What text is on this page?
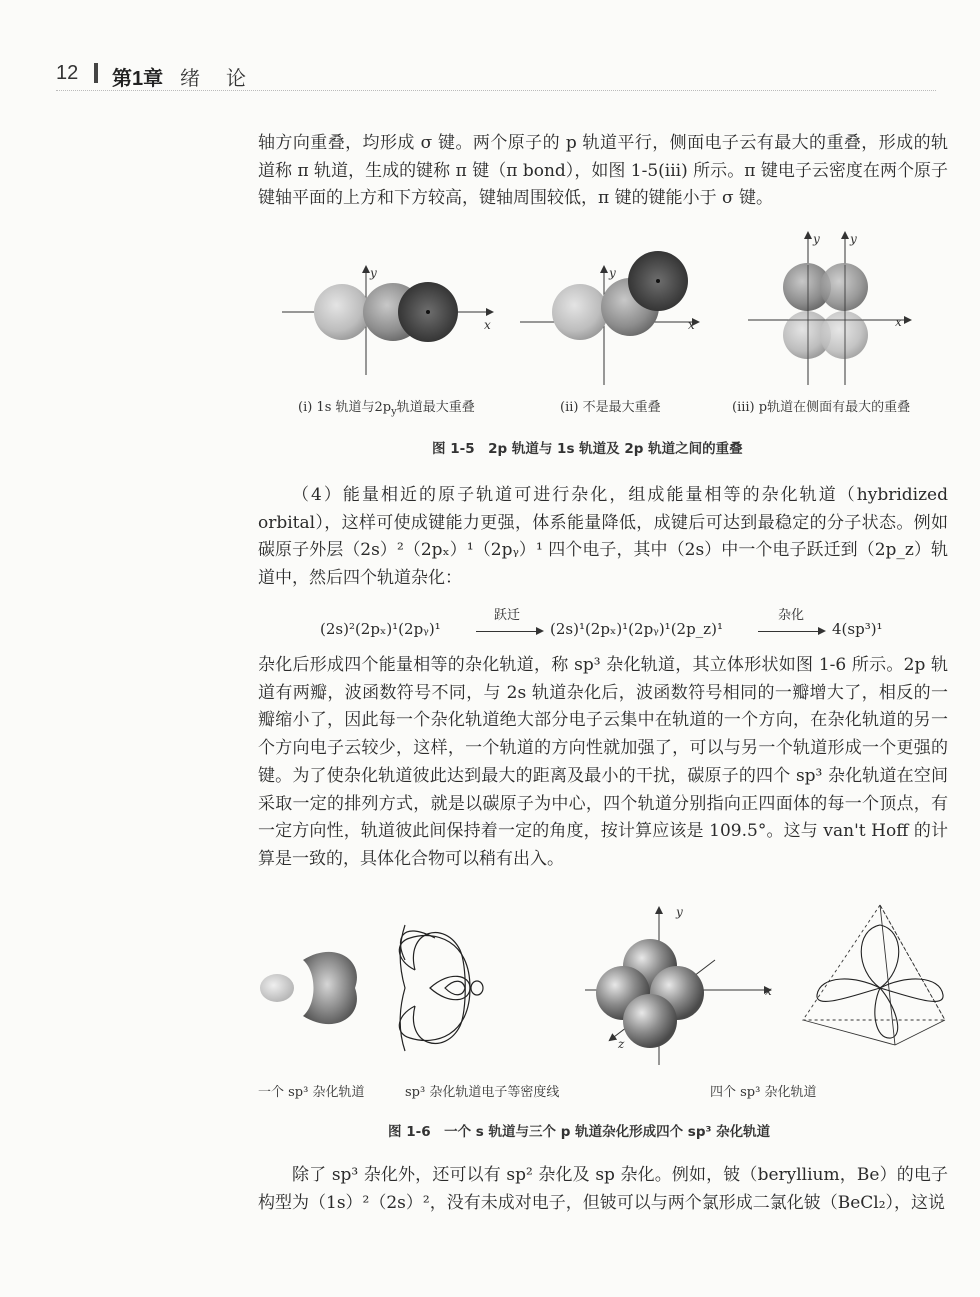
12 第1章 绪论

轴方向重叠，均形成 σ 键。两个原子的 p 轨道平行，侧面电子云有最大的重叠，形成的轨道称 π 轨道，生成的键称 π 键（π bond），如图 1-5(iii) 所示。π 键电子云密度在两个原子键轴平面的上方和下方较高，键轴周围较低，π 键的键能小于 σ 键。

x
y
x
y
x
y	y
(i) 1s 轨道与$2p_y$轨道最大重叠	(ii) 不是最大重叠	(iii) p轨道在侧面有最大的重叠
图 1-5　2p 轨道与 1s 轨道及 2p 轨道之间的重叠

（4）能量相近的原子轨道可进行杂化，组成能量相等的杂化轨道（hybridized orbital），这样可使成键能力更强，体系能量降低，成键后可达到最稳定的分子状态。例如碳原子外层（2s）²（2pₓ）¹（2pᵧ）¹ 四个电子，其中（2s）中一个电子跃迁到（2p_z）轨道中，然后四个轨道杂化：

(2s)²(2pₓ)¹(2pᵧ)¹
跃迁
(2s)¹(2pₓ)¹(2pᵧ)¹(2p_z)¹
杂化
4(sp³)¹

杂化后形成四个能量相等的杂化轨道，称 sp³ 杂化轨道，其立体形状如图 1-6 所示。2p 轨道有两瓣，波函数符号不同，与 2s 轨道杂化后，波函数符号相同的一瓣增大了，相反的一瓣缩小了，因此每一个杂化轨道绝大部分电子云集中在轨道的一个方向，在杂化轨道的另一个方向电子云较少，这样，一个轨道的方向性就加强了，可以与另一个轨道形成一个更强的键。为了使杂化轨道彼此达到最大的距离及最小的干扰，碳原子的四个 sp³ 杂化轨道在空间采取一定的排列方式，就是以碳原子为中心，四个轨道分别指向正四面体的每一个顶点，有一定方向性，轨道彼此间保持着一定的角度，按计算应该是 109.5°。这与 van't Hoff 的计算是一致的，具体化合物可以稍有出入。

y
x
z
一个 sp³ 杂化轨道	sp³ 杂化轨道电子等密度线	四个 sp³ 杂化轨道
图 1-6　一个 s 轨道与三个 p 轨道杂化形成四个 sp³ 杂化轨道

除了 sp³ 杂化外，还可以有 sp² 杂化及 sp 杂化。例如，铍（beryllium，Be）的电子构型为（1s）²（2s）²，没有未成对电子，但铍可以与两个氯形成二氯化铍（BeCl₂），这说
